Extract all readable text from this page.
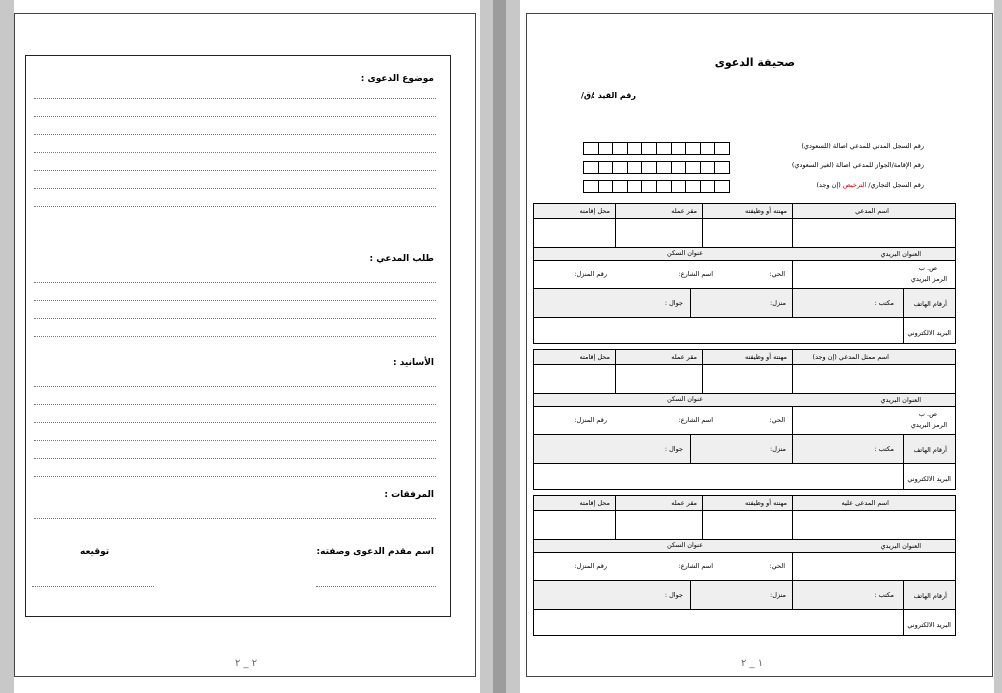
موضوع الدعوى :
طلب المدعي :
الأسانيد :
المرفقات :
اسم مقدم الدعوى وصفته:
توقيعه
٢ _ ٢
صحيفة الدعوى
رقم القيد :
/ق/
رقم السجل المدني للمدعي اصالة (للسعودي)
رقم الإقامة/الجواز للمدعي اصالة (لغير السعودي)
رقم السجل التجاري/ الترخيص (إن وجد)
اسم المدعي
مهنته أو وظيفته
مقر عمله
محل إقامته
العنوان البريدي
عنوان السكن
ص. ب
الرمز البريدي
الحي:
اسم الشارع:
رقم المنزل:
أرقام الهاتف
مكتب :
منزل:
جوال :
البريد الالكتروني
اسم ممثل المدعي (إن وجد)
مهنته أو وظيفته
مقر عمله
محل إقامته
العنوان البريدي
عنوان السكن
ص. ب
الرمز البريدي
الحي:
اسم الشارع:
رقم المنزل:
أرقام الهاتف
مكتب :
منزل:
جوال :
البريد الالكتروني
اسم المدعى عليه
مهنته أو وظيفته
مقر عمله
محل إقامته
العنوان البريدي
عنوان السكن
الحي:
اسم الشارع:
رقم المنزل:
أرقام الهاتف
مكتب :
منزل:
جوال :
البريد الالكتروني
١ _ ٢
